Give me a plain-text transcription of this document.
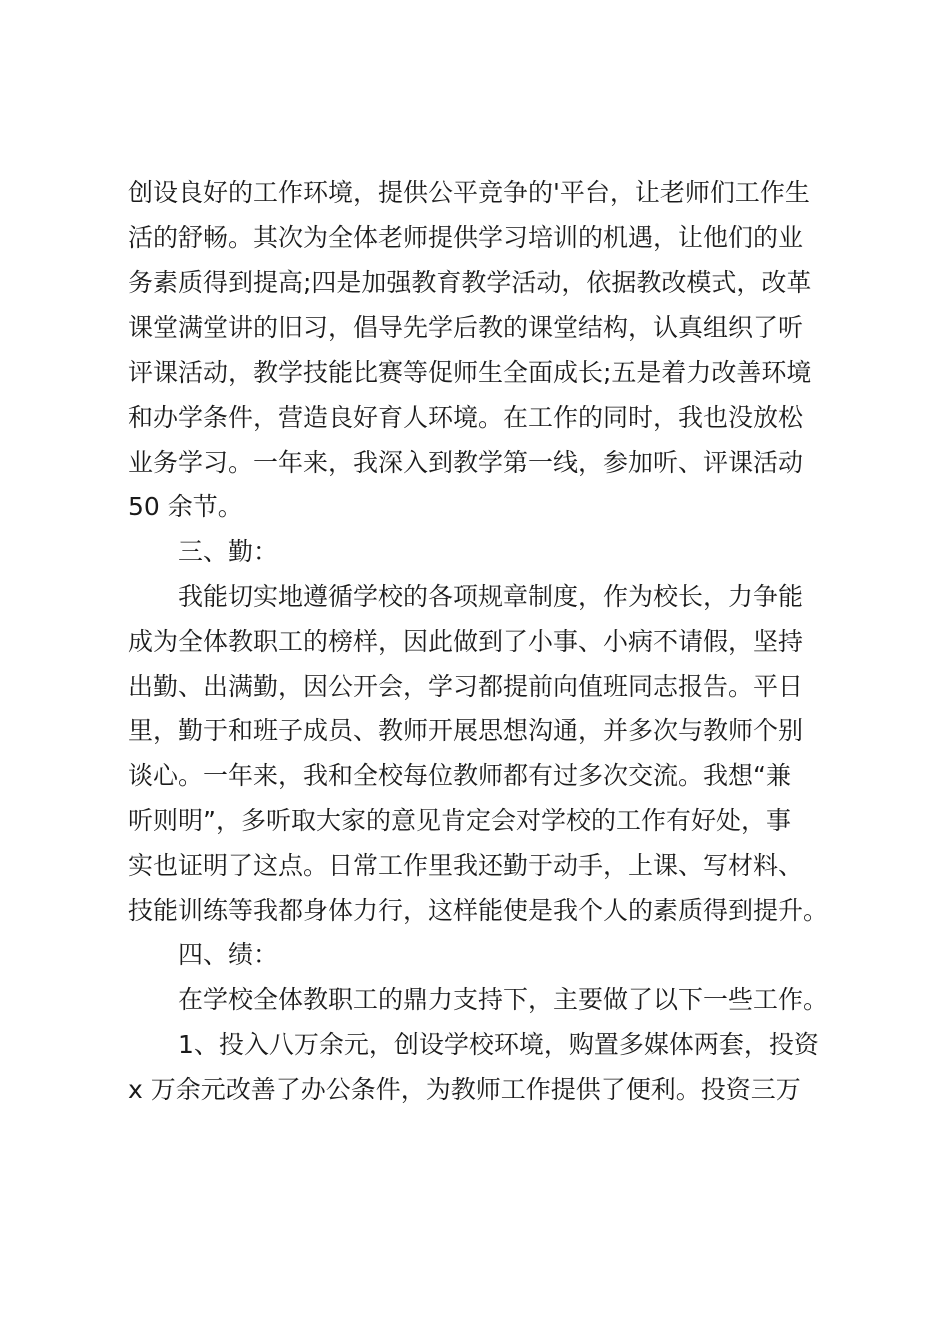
创设良好的工作环境，提供公平竞争的'平台，让老师们工作生
活的舒畅。其次为全体老师提供学习培训的机遇，让他们的业
务素质得到提高;四是加强教育教学活动，依据教改模式，改革
课堂满堂讲的旧习，倡导先学后教的课堂结构，认真组织了听
评课活动，教学技能比赛等促师生全面成长;五是着力改善环境
和办学条件，营造良好育人环境。在工作的同时，我也没放松
业务学习。一年来，我深入到教学第一线，参加听、评课活动
50 余节。
三、勤：
我能切实地遵循学校的各项规章制度，作为校长，力争能
成为全体教职工的榜样，因此做到了小事、小病不请假，坚持
出勤、出满勤，因公开会，学习都提前向值班同志报告。平日
里，勤于和班子成员、教师开展思想沟通，并多次与教师个别
谈心。一年来，我和全校每位教师都有过多次交流。我想“兼
听则明”，多听取大家的意见肯定会对学校的工作有好处，事
实也证明了这点。日常工作里我还勤于动手，上课、写材料、
技能训练等我都身体力行，这样能使是我个人的素质得到提升。
四、绩：
在学校全体教职工的鼎力支持下，主要做了以下一些工作。
1、投入八万余元，创设学校环境，购置多媒体两套，投资
x 万余元改善了办公条件，为教师工作提供了便利。投资三万
